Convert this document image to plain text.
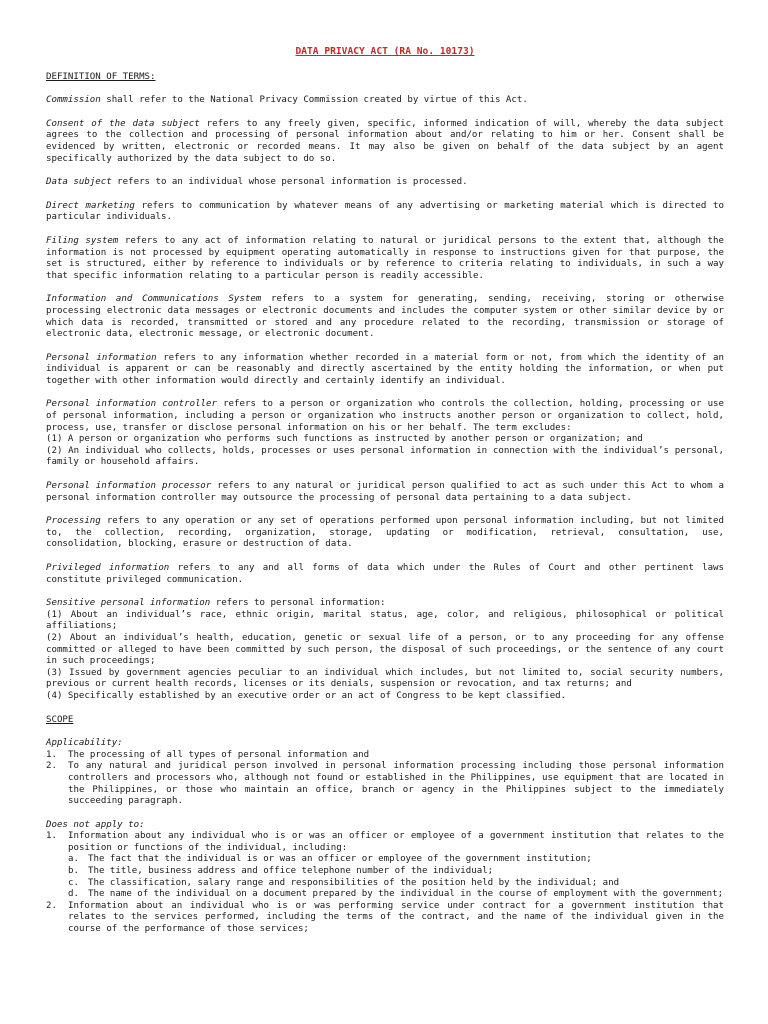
DATA PRIVACY ACT (RA No. 10173)
DEFINITION OF TERMS:

Commission shall refer to the National Privacy Commission created by virtue of this Act.

Consent of the data subject refers to any freely given, specific, informed indication of will, whereby the data subject agrees to the collection and processing of personal information about and/or relating to him or her. Consent shall be evidenced by written, electronic or recorded means. It may also be given on behalf of the data subject by an agent specifically authorized by the data subject to do so.

Data subject refers to an individual whose personal information is processed.

Direct marketing refers to communication by whatever means of any advertising or marketing material which is directed to particular individuals.

Filing system refers to any act of information relating to natural or juridical persons to the extent that, although the information is not processed by equipment operating automatically in response to instructions given for that purpose, the set is structured, either by reference to individuals or by reference to criteria relating to individuals, in such a way that specific information relating to a particular person is readily accessible.

Information and Communications System refers to a system for generating, sending, receiving, storing or otherwise processing electronic data messages or electronic documents and includes the computer system or other similar device by or which data is recorded, transmitted or stored and any procedure related to the recording, transmission or storage of electronic data, electronic message, or electronic document.

Personal information refers to any information whether recorded in a material form or not, from which the identity of an individual is apparent or can be reasonably and directly ascertained by the entity holding the information, or when put together with other information would directly and certainly identify an individual.

Personal information controller refers to a person or organization who controls the collection, holding, processing or use of personal information, including a person or organization who instructs another person or organization to collect, hold, process, use, transfer or disclose personal information on his or her behalf. The term excludes:
(1) A person or organization who performs such functions as instructed by another person or organization; and
(2) An individual who collects, holds, processes or uses personal information in connection with the individual’s personal, family or household affairs.

Personal information processor refers to any natural or juridical person qualified to act as such under this Act to whom a personal information controller may outsource the processing of personal data pertaining to a data subject.

Processing refers to any operation or any set of operations performed upon personal information including, but not limited to, the collection, recording, organization, storage, updating or modification, retrieval, consultation, use, consolidation, blocking, erasure or destruction of data.

Privileged information refers to any and all forms of data which under the Rules of Court and other pertinent laws constitute privileged communication.

Sensitive personal information refers to personal information:
(1) About an individual’s race, ethnic origin, marital status, age, color, and religious, philosophical or political affiliations;
(2) About an individual’s health, education, genetic or sexual life of a person, or to any proceeding for any offense committed or alleged to have been committed by such person, the disposal of such proceedings, or the sentence of any court in such proceedings;
(3) Issued by government agencies peculiar to an individual which includes, but not limited to, social security numbers, previous or current health records, licenses or its denials, suspension or revocation, and tax returns; and
(4) Specifically established by an executive order or an act of Congress to be kept classified.
SCOPE
Applicability:
1. The processing of all types of personal information and
2. To any natural and juridical person involved in personal information processing including those personal information controllers and processors who, although not found or established in the Philippines, use equipment that are located in the Philippines, or those who maintain an office, branch or agency in the Philippines subject to the immediately succeeding paragraph.
Does not apply to:
1. Information about any individual who is or was an officer or employee of a government institution that relates to the position or functions of the individual, including:
a. The fact that the individual is or was an officer or employee of the government institution;
b. The title, business address and office telephone number of the individual;
c. The classification, salary range and responsibilities of the position held by the individual; and
d. The name of the individual on a document prepared by the individual in the course of employment with the government;
2. Information about an individual who is or was performing service under contract for a government institution that relates to the services performed, including the terms of the contract, and the name of the individual given in the course of the performance of those services;
